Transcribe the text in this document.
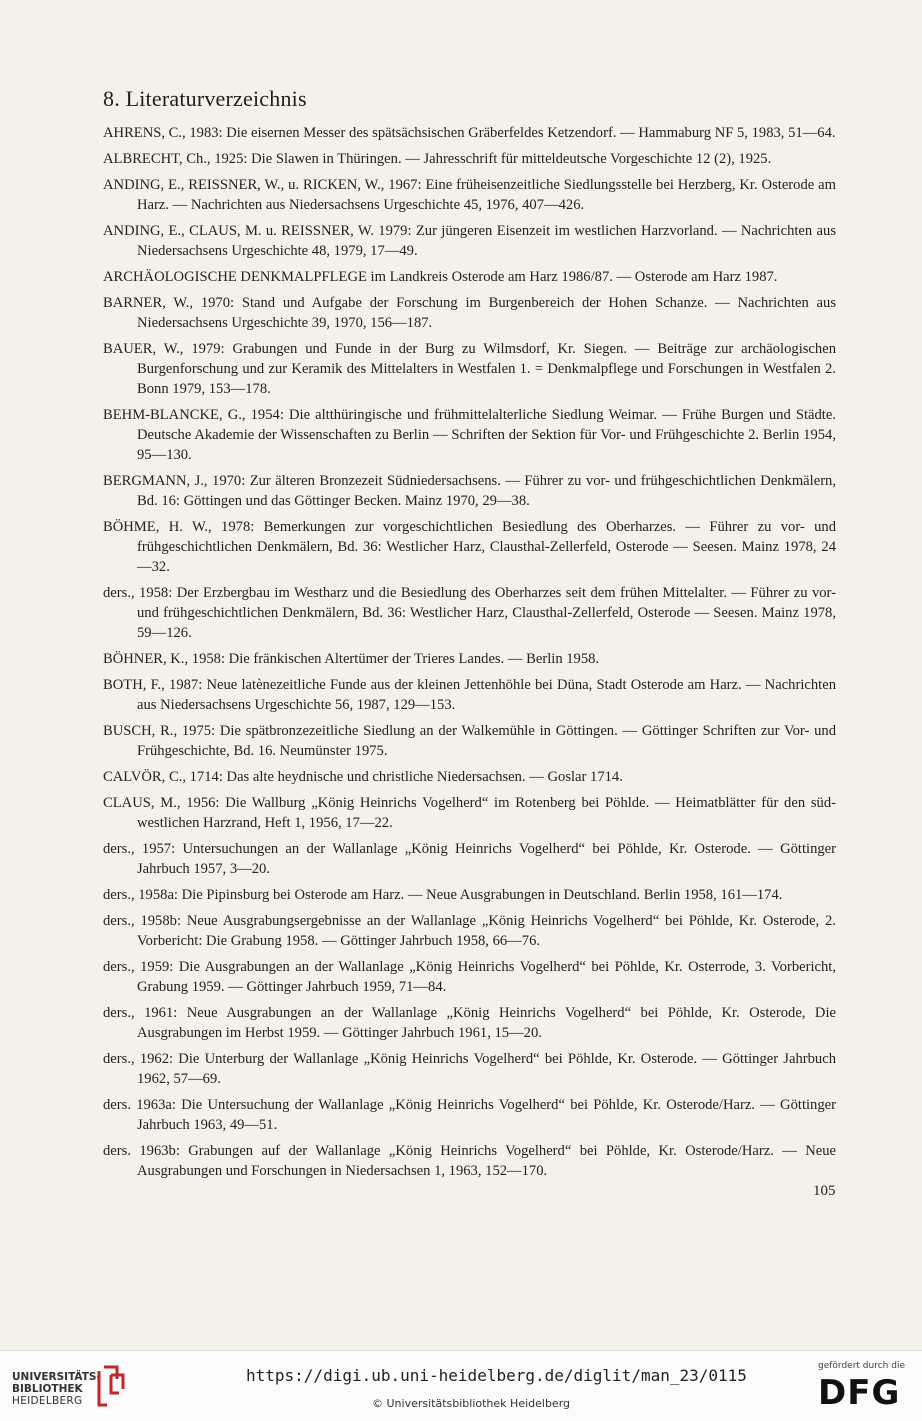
8. Literaturverzeichnis
AHRENS, C., 1983: Die eisernen Messer des spätsächsischen Gräberfeldes Ketzendorf. — Hammaburg NF 5, 1983, 51—64.
ALBRECHT, Ch., 1925: Die Slawen in Thüringen. — Jahresschrift für mitteldeutsche Vorgeschichte 12 (2), 1925.
ANDING, E., REISSNER, W., u. RICKEN, W., 1967: Eine früheisenzeitliche Siedlungsstelle bei Herzberg, Kr. Osterode am Harz. — Nachrichten aus Niedersachsens Urgeschichte 45, 1976, 407—426.
ANDING, E., CLAUS, M. u. REISSNER, W. 1979: Zur jüngeren Eisenzeit im westlichen Harzvorland. — Nachrichten aus Niedersachsens Urgeschichte 48, 1979, 17—49.
ARCHÄOLOGISCHE DENKMALPFLEGE im Landkreis Osterode am Harz 1986/87. — Osterode am Harz 1987.
BARNER, W., 1970: Stand und Aufgabe der Forschung im Burgenbereich der Hohen Schanze. — Nachrichten aus Niedersachsens Urgeschichte 39, 1970, 156—187.
BAUER, W., 1979: Grabungen und Funde in der Burg zu Wilmsdorf, Kr. Siegen. — Beiträge zur archäologischen Burgenforschung und zur Keramik des Mittelalters in Westfalen 1. = Denkmalpflege und Forschungen in Westfalen 2. Bonn 1979, 153—178.
BEHM-BLANCKE, G., 1954: Die altthüringische und frühmittelalterliche Siedlung Weimar. — Frühe Burgen und Städte. Deutsche Akademie der Wissenschaften zu Berlin — Schriften der Sektion für Vor- und Frühgeschichte 2. Berlin 1954, 95—130.
BERGMANN, J., 1970: Zur älteren Bronzezeit Südniedersachsens. — Führer zu vor- und frühgeschichtlichen Denkmälern, Bd. 16: Göttingen und das Göttinger Becken. Mainz 1970, 29—38.
BÖHME, H. W., 1978: Bemerkungen zur vorgeschichtlichen Besiedlung des Oberharzes. — Führer zu vor- und frühgeschichtlichen Denkmälern, Bd. 36: Westlicher Harz, Clausthal-Zellerfeld, Osterode — Seesen. Mainz 1978, 24—32.
ders., 1958: Der Erzbergbau im Westharz und die Besiedlung des Oberharzes seit dem frühen Mittelalter. — Führer zu vor- und frühgeschichtlichen Denkmälern, Bd. 36: Westlicher Harz, Clausthal-Zellerfeld, Osterode — Seesen. Mainz 1978, 59—126.
BÖHNER, K., 1958: Die fränkischen Altertümer der Trieres Landes. — Berlin 1958.
BOTH, F., 1987: Neue latènezeitliche Funde aus der kleinen Jettenhöhle bei Düna, Stadt Osterode am Harz. — Nachrichten aus Niedersachsens Urgeschichte 56, 1987, 129—153.
BUSCH, R., 1975: Die spätbronzezeitliche Siedlung an der Walkemühle in Göttingen. — Göttinger Schriften zur Vor- und Frühgeschichte, Bd. 16. Neumünster 1975.
CALVÖR, C., 1714: Das alte heydnische und christliche Niedersachsen. — Goslar 1714.
CLAUS, M., 1956: Die Wallburg „König Heinrichs Vogelherd“ im Rotenberg bei Pöhlde. — Heimatblätter für den süd-westlichen Harzrand, Heft 1, 1956, 17—22.
ders., 1957: Untersuchungen an der Wallanlage „König Heinrichs Vogelherd“ bei Pöhlde, Kr. Osterode. — Göttinger Jahrbuch 1957, 3—20.
ders., 1958a: Die Pipinsburg bei Osterode am Harz. — Neue Ausgrabungen in Deutschland. Berlin 1958, 161—174.
ders., 1958b: Neue Ausgrabungsergebnisse an der Wallanlage „König Heinrichs Vogelherd“ bei Pöhlde, Kr. Osterode, 2. Vorbericht: Die Grabung 1958. — Göttinger Jahrbuch 1958, 66—76.
ders., 1959: Die Ausgrabungen an der Wallanlage „König Heinrichs Vogelherd“ bei Pöhlde, Kr. Osterrode, 3. Vorbericht, Grabung 1959. — Göttinger Jahrbuch 1959, 71—84.
ders., 1961: Neue Ausgrabungen an der Wallanlage „König Heinrichs Vogelherd“ bei Pöhlde, Kr. Osterode, Die Ausgrabungen im Herbst 1959. — Göttinger Jahrbuch 1961, 15—20.
ders., 1962: Die Unterburg der Wallanlage „König Heinrichs Vogelherd“ bei Pöhlde, Kr. Osterode. — Göttinger Jahrbuch 1962, 57—69.
ders. 1963a: Die Untersuchung der Wallanlage „König Heinrichs Vogelherd“ bei Pöhlde, Kr. Osterode/Harz. — Göttinger Jahrbuch 1963, 49—51.
ders. 1963b: Grabungen auf der Wallanlage „König Heinrichs Vogelherd“ bei Pöhlde, Kr. Osterode/Harz. — Neue Ausgrabungen und Forschungen in Niedersachsen 1, 1963, 152—170.
105
UNIVERSITÄTS-
BIBLIOTHEK
HEIDELBERG
https://digi.ub.uni-heidelberg.de/diglit/man_23/0115
© Universitätsbibliothek Heidelberg
gefördert durch die
DFG
